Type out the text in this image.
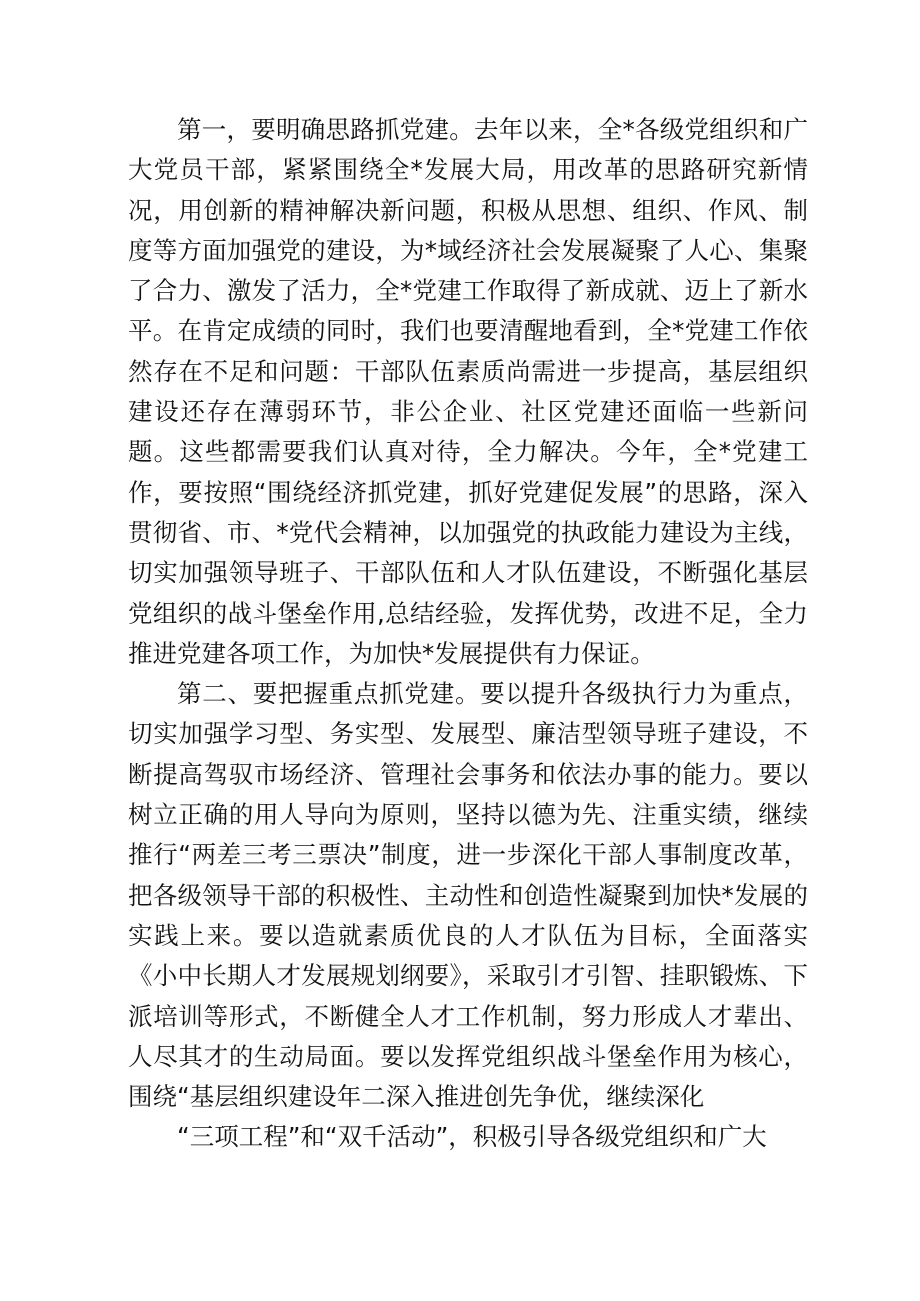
第一，要明确思路抓党建。去年以来，全*各级党组织和广大党员干部，紧紧围绕全*发展大局，用改革的思路研究新情况，用创新的精神解决新问题，积极从思想、组织、作风、制度等方面加强党的建设，为*域经济社会发展凝聚了人心、集聚了合力、激发了活力，全*党建工作取得了新成就、迈上了新水平。在肯定成绩的同时，我们也要清醒地看到，全*党建工作依然存在不足和问题：干部队伍素质尚需进一步提高，基层组织建设还存在薄弱环节，非公企业、社区党建还面临一些新问题。这些都需要我们认真对待，全力解决。今年，全*党建工作，要按照“围绕经济抓党建，抓好党建促发展”的思路，深入贯彻省、市、*党代会精神，以加强党的执政能力建设为主线，切实加强领导班子、干部队伍和人才队伍建设，不断强化基层党组织的战斗堡垒作用,总结经验，发挥优势，改进不足，全力推进党建各项工作，为加快*发展提供有力保证。

第二、要把握重点抓党建。要以提升各级执行力为重点，切实加强学习型、务实型、发展型、廉洁型领导班子建设，不断提高驾驭市场经济、管理社会事务和依法办事的能力。要以树立正确的用人导向为原则，坚持以德为先、注重实绩，继续推行“两差三考三票决”制度，进一步深化干部人事制度改革，把各级领导干部的积极性、主动性和创造性凝聚到加快*发展的实践上来。要以造就素质优良的人才队伍为目标，全面落实《小中长期人才发展规划纲要》，采取引才引智、挂职锻炼、下派培训等形式，不断健全人才工作机制，努力形成人才辈出、人尽其才的生动局面。要以发挥党组织战斗堡垒作用为核心，围绕“基层组织建设年二深入推进创先争优，继续深化

“三项工程”和“双千活动”，积极引导各级党组织和广大
